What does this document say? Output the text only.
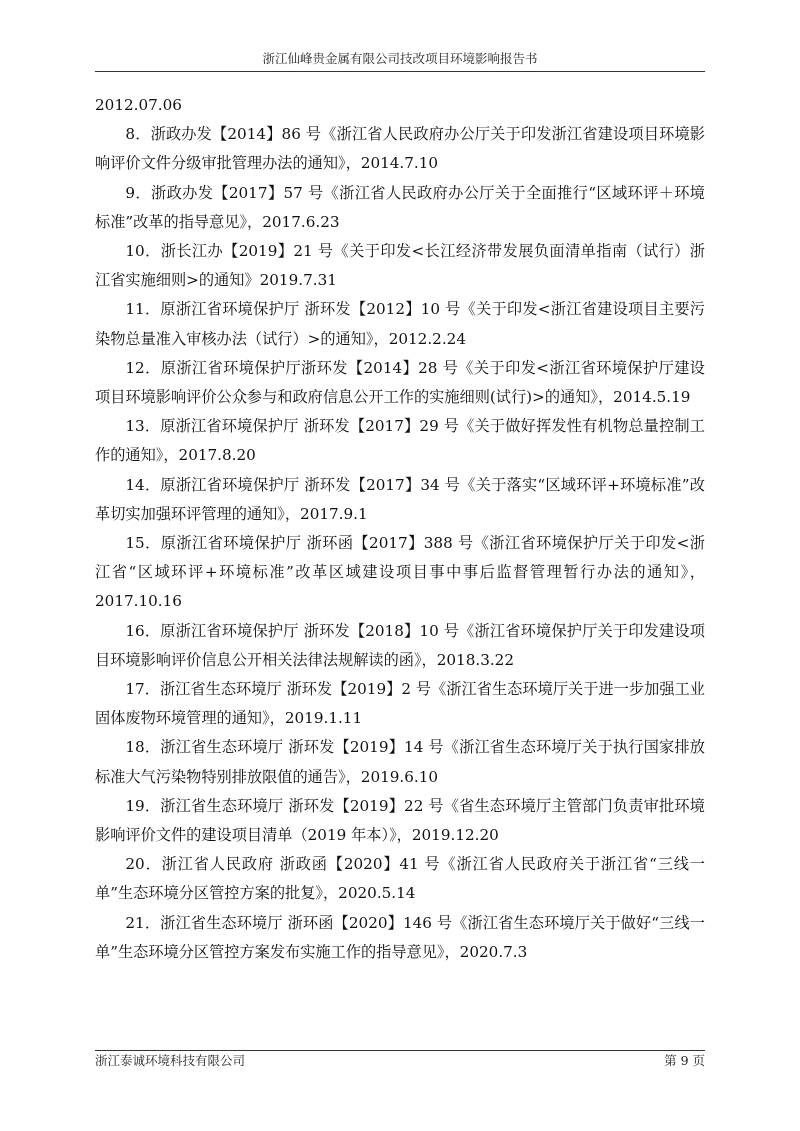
浙江仙峰贵金属有限公司技改项目环境影响报告书

2012.07.06

8．浙政办发【2014】86 号《浙江省人民政府办公厅关于印发浙江省建设项目环境影响评价文件分级审批管理办法的通知》，2014.7.10

9．浙政办发【2017】57 号《浙江省人民政府办公厅关于全面推行“区域环评＋环境标准”改革的指导意见》，2017.6.23

10．浙长江办【2019】21 号《关于印发<长江经济带发展负面清单指南（试行）浙江省实施细则>的通知》2019.7.31

11．原浙江省环境保护厅 浙环发【2012】10 号《关于印发<浙江省建设项目主要污染物总量准入审核办法（试行）>的通知》，2012.2.24

12．原浙江省环境保护厅浙环发【2014】28 号《关于印发<浙江省环境保护厅建设项目环境影响评价公众参与和政府信息公开工作的实施细则(试行)>的通知》，2014.5.19

13．原浙江省环境保护厅 浙环发【2017】29 号《关于做好挥发性有机物总量控制工作的通知》，2017.8.20

14．原浙江省环境保护厅 浙环发【2017】34 号《关于落实“区域环评+环境标准”改革切实加强环评管理的通知》，2017.9.1

15．原浙江省环境保护厅 浙环函【2017】388 号《浙江省环境保护厅关于印发<浙江省“区域环评+环境标准”改革区域建设项目事中事后监督管理暂行办法的通知》，2017.10.16

16．原浙江省环境保护厅 浙环发【2018】10 号《浙江省环境保护厅关于印发建设项目环境影响评价信息公开相关法律法规解读的函》，2018.3.22

17．浙江省生态环境厅 浙环发【2019】2 号《浙江省生态环境厅关于进一步加强工业固体废物环境管理的通知》，2019.1.11

18．浙江省生态环境厅 浙环发【2019】14 号《浙江省生态环境厅关于执行国家排放标准大气污染物特别排放限值的通告》，2019.6.10

19．浙江省生态环境厅 浙环发【2019】22 号《省生态环境厅主管部门负责审批环境影响评价文件的建设项目清单（2019 年本）》，2019.12.20

20．浙江省人民政府 浙政函【2020】41 号《浙江省人民政府关于浙江省“三线一单”生态环境分区管控方案的批复》，2020.5.14

21．浙江省生态环境厅 浙环函【2020】146 号《浙江省生态环境厅关于做好“三线一单”生态环境分区管控方案发布实施工作的指导意见》，2020.7.3

浙江泰诚环境科技有限公司	第 9 页
